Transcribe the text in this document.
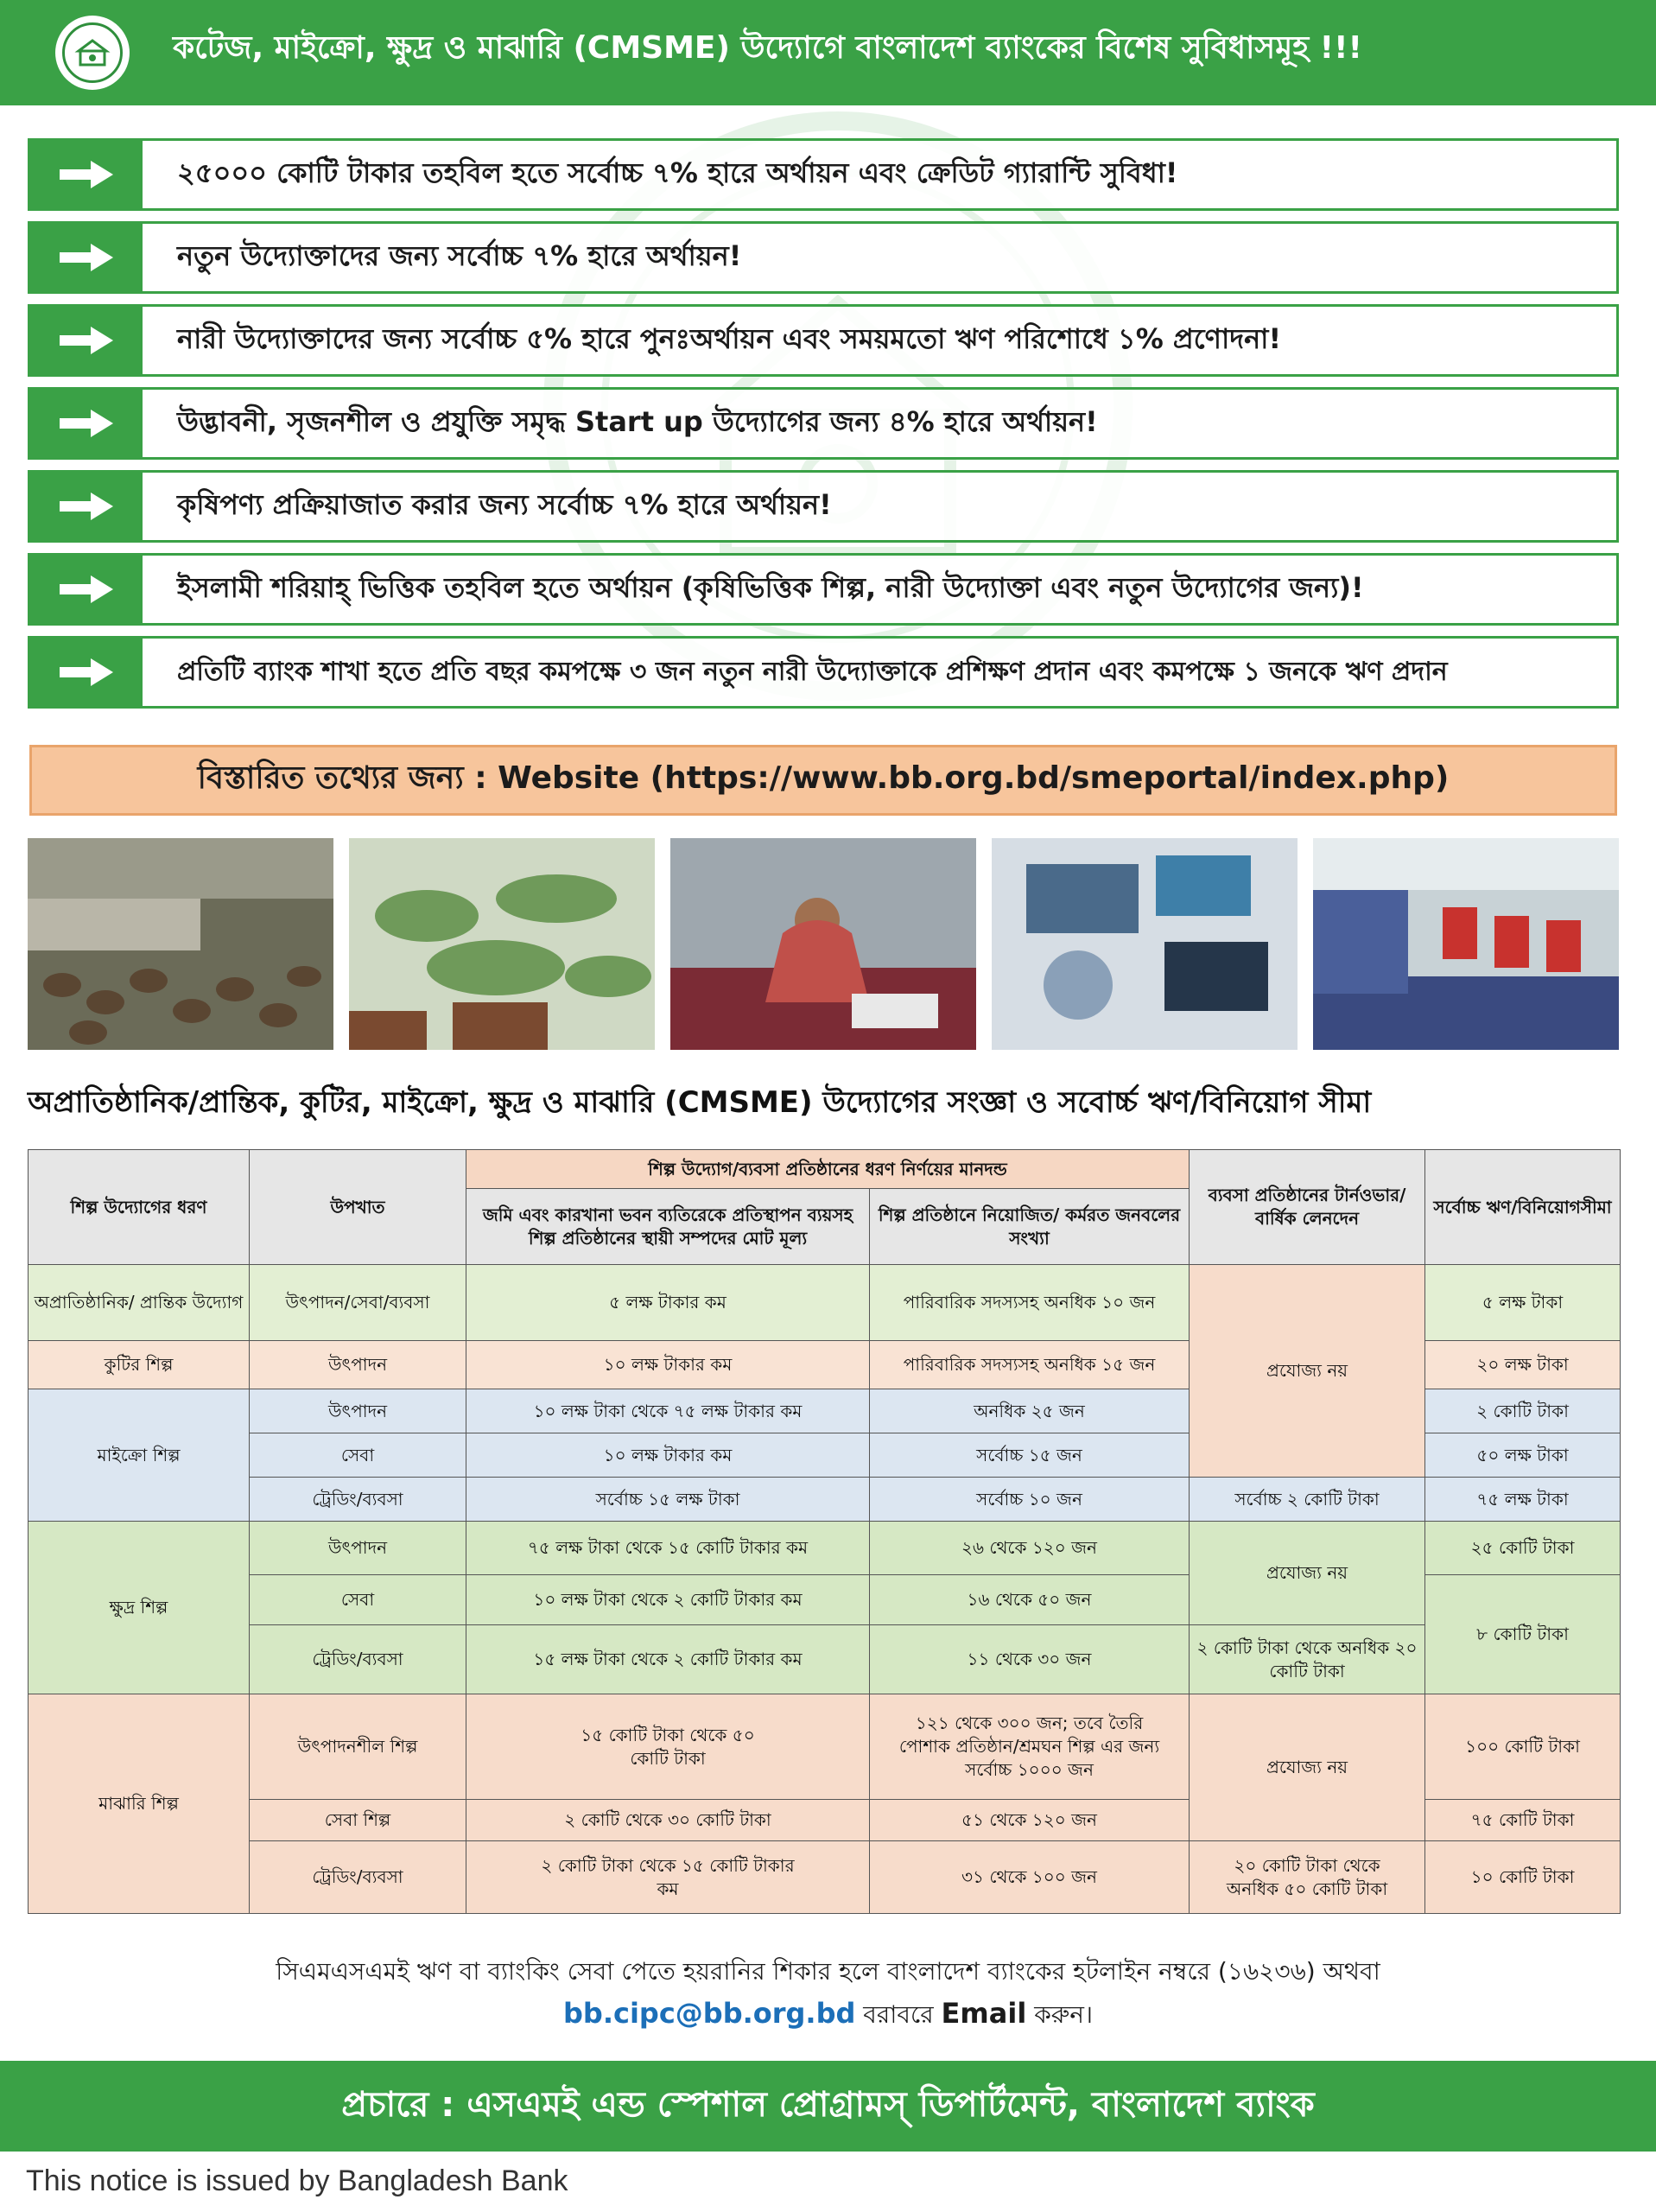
কটেজ, মাইক্রো, ক্ষুদ্র ও মাঝারি (CMSME) উদ্যোগে বাংলাদেশ ব্যাংকের বিশেষ সুবিধাসমূহ !!!
২৫০০০ কোটি টাকার তহবিল হতে সর্বোচ্চ ৭% হারে অর্থায়ন এবং ক্রেডিট গ্যারান্টি সুবিধা!
নতুন উদ্যোক্তাদের জন্য সর্বোচ্চ ৭% হারে অর্থায়ন!
নারী উদ্যোক্তাদের জন্য সর্বোচ্চ ৫% হারে পুনঃঅর্থায়ন এবং সময়মতো ঋণ পরিশোধে ১% প্রণোদনা!
উদ্ভাবনী, সৃজনশীল ও প্রযুক্তি সমৃদ্ধ Start up উদ্যোগের জন্য ৪% হারে অর্থায়ন!
কৃষিপণ্য প্রক্রিয়াজাত করার জন্য সর্বোচ্চ ৭% হারে অর্থায়ন!
ইসলামী শরিয়াহ্ ভিত্তিক তহবিল হতে অর্থায়ন (কৃষিভিত্তিক শিল্প, নারী উদ্যোক্তা এবং নতুন উদ্যোগের জন্য)!
প্রতিটি ব্যাংক শাখা হতে প্রতি বছর কমপক্ষে ৩ জন নতুন নারী উদ্যোক্তাকে প্রশিক্ষণ প্রদান এবং কমপক্ষে ১ জনকে ঋণ প্রদান
বিস্তারিত তথ্যের জন্য : Website (https://www.bb.org.bd/smeportal/index.php)
অপ্রাতিষ্ঠানিক/প্রান্তিক, কুটির, মাইক্রো, ক্ষুদ্র ও মাঝারি (CMSME) উদ্যোগের সংজ্ঞা ও সবোর্চ্চ ঋণ/বিনিয়োগ সীমা
শিল্প উদ্যোগের ধরণ	উপখাত	শিল্প উদ্যোগ/ব্যবসা প্রতিষ্ঠানের ধরণ নির্ণয়ের মানদন্ড		ব্যবসা প্রতিষ্ঠানের টার্নওভার/ বার্ষিক লেনদেন	সর্বোচ্চ ঋণ/বিনিয়োগসীমা
		জমি এবং কারখানা ভবন ব্যতিরেকে প্রতিস্থাপন ব্যয়সহ শিল্প প্রতিষ্ঠানের স্থায়ী সম্পদের মোট মূল্য	শিল্প প্রতিষ্ঠানে নিয়োজিত/ কর্মরত জনবলের সংখ্যা		
অপ্রাতিষ্ঠানিক/ প্রান্তিক উদ্যোগ	উৎপাদন/সেবা/ব্যবসা	৫ লক্ষ টাকার কম	পারিবারিক সদস্যসহ অনধিক ১০ জন	প্রযোজ্য নয়	৫ লক্ষ টাকা
কুটির শিল্প	উৎপাদন	১০ লক্ষ টাকার কম	পারিবারিক সদস্যসহ অনধিক ১৫ জন		২০ লক্ষ টাকা
মাইক্রো শিল্প	উৎপাদন	১০ লক্ষ টাকা থেকে ৭৫ লক্ষ টাকার কম	অনধিক ২৫ জন		২ কোটি টাকা
	সেবা	১০ লক্ষ টাকার কম	সর্বোচ্চ ১৫ জন		৫০ লক্ষ টাকা
	ট্রেডিং/ব্যবসা	সর্বোচ্চ ১৫ লক্ষ টাকা	সর্বোচ্চ ১০ জন	সর্বোচ্চ ২ কোটি টাকা	৭৫ লক্ষ টাকা
ক্ষুদ্র শিল্প	উৎপাদন	৭৫ লক্ষ টাকা থেকে ১৫ কোটি টাকার কম	২৬ থেকে ১২০ জন	প্রযোজ্য নয়	২৫ কোটি টাকা
	সেবা	১০ লক্ষ টাকা থেকে ২ কোটি টাকার কম	১৬ থেকে ৫০ জন		৮ কোটি টাকা
	ট্রেডিং/ব্যবসা	১৫ লক্ষ টাকা থেকে ২ কোটি টাকার কম	১১ থেকে ৩০ জন	২ কোটি টাকা থেকে অনধিক ২০ কোটি টাকা	
মাঝারি শিল্প	উৎপাদনশীল শিল্প	১৫ কোটি টাকা থেকে ৫০ কোটি টাকা	১২১ থেকে ৩০০ জন; তবে তৈরি পোশাক প্রতিষ্ঠান/শ্রমঘন শিল্প এর জন্য সর্বোচ্চ ১০০০ জন	প্রযোজ্য নয়	১০০ কোটি টাকা
	সেবা শিল্প	২ কোটি থেকে ৩০ কোটি টাকা	৫১ থেকে ১২০ জন		৭৫ কোটি টাকা
	ট্রেডিং/ব্যবসা	২ কোটি টাকা থেকে ১৫ কোটি টাকার কম	৩১ থেকে ১০০ জন	২০ কোটি টাকা থেকে অনধিক ৫০ কোটি টাকা	১০ কোটি টাকা
সিএমএসএমই ঋণ বা ব্যাংকিং সেবা পেতে হয়রানির শিকার হলে বাংলাদেশ ব্যাংকের হটলাইন নম্বরে (১৬২৩৬) অথবা
bb.cipc@bb.org.bd বরাবরে Email করুন।
প্রচারে : এসএমই এন্ড স্পেশাল প্রোগ্রামস্ ডিপার্টমেন্ট, বাংলাদেশ ব্যাংক
This notice is issued by Bangladesh Bank
